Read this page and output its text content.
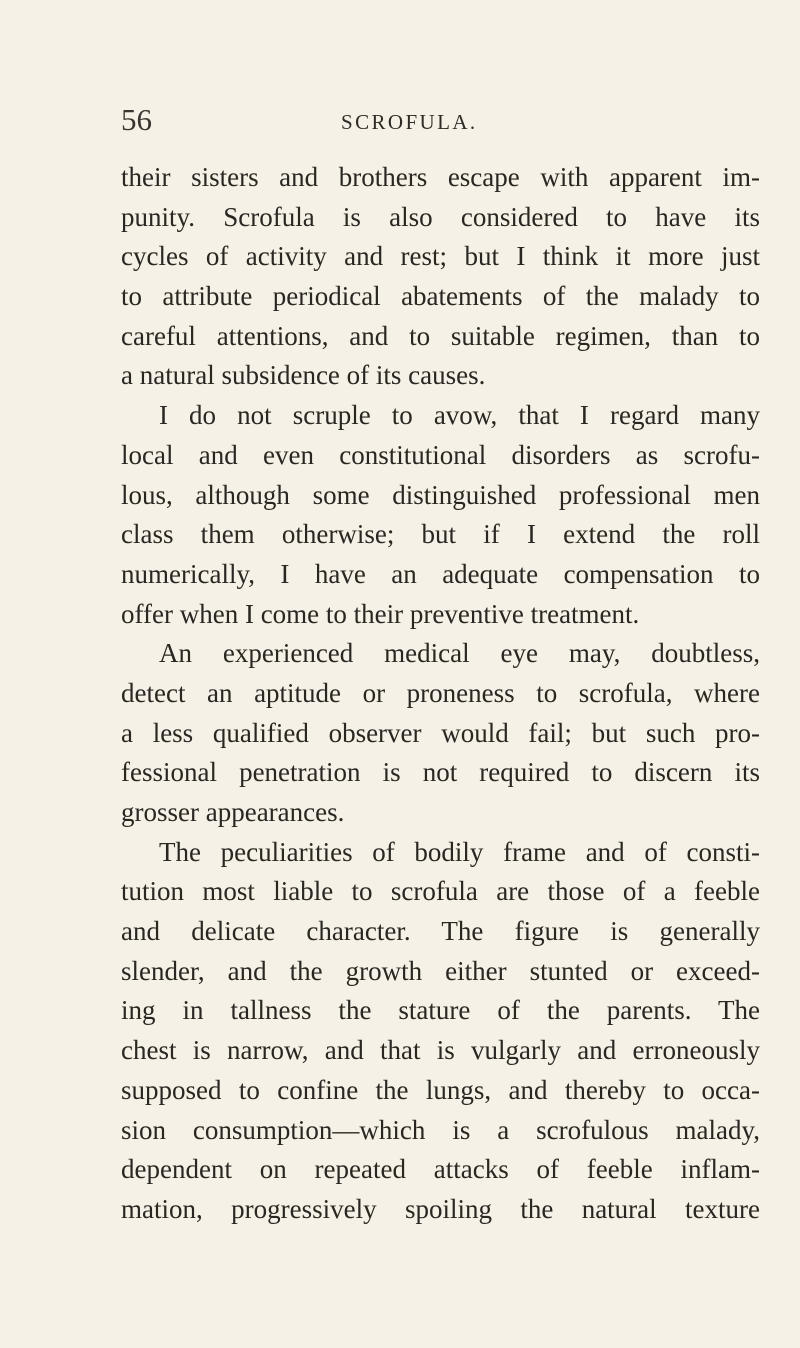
56	SCROFULA.
their sisters and brothers escape with apparent im-
punity. Scrofula is also considered to have its
cycles of activity and rest; but I think it more just
to attribute periodical abatements of the malady to
careful attentions, and to suitable regimen, than to
a natural subsidence of its causes.
I do not scruple to avow, that I regard many
local and even constitutional disorders as scrofu-
lous, although some distinguished professional men
class them otherwise; but if I extend the roll
numerically, I have an adequate compensation to
offer when I come to their preventive treatment.
An experienced medical eye may, doubtless,
detect an aptitude or proneness to scrofula, where
a less qualified observer would fail; but such pro-
fessional penetration is not required to discern its
grosser appearances.
The peculiarities of bodily frame and of consti-
tution most liable to scrofula are those of a feeble
and delicate character. The figure is generally
slender, and the growth either stunted or exceed-
ing in tallness the stature of the parents. The
chest is narrow, and that is vulgarly and erroneously
supposed to confine the lungs, and thereby to occa-
sion consumption—which is a scrofulous malady,
dependent on repeated attacks of feeble inflam-
mation, progressively spoiling the natural texture
